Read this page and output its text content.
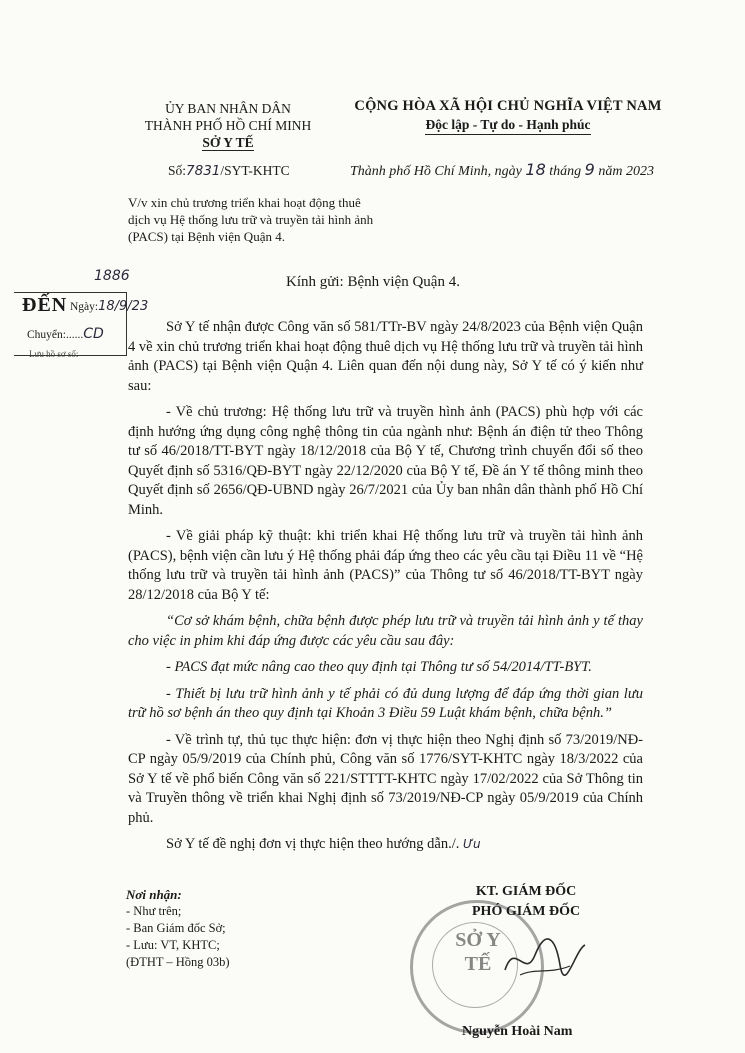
ỦY BAN NHÂN DÂN
THÀNH PHỐ HỒ CHÍ MINH
SỞ Y TẾ
CỘNG HÒA XÃ HỘI CHỦ NGHĨA VIỆT NAM
Độc lập - Tự do - Hạnh phúc
Số:7831/SYT-KHTC	Thành phố Hồ Chí Minh, ngày 18 tháng 9 năm 2023
V/v xin chủ trương triển khai hoạt động thuê dịch vụ Hệ thống lưu trữ và truyền tải hình ảnh (PACS) tại Bệnh viện Quận 4.
1886
ĐẾN Ngày:18/9/23
Chuyển:......CD
Lưu hồ sơ số:
Kính gửi: Bệnh viện Quận 4.

Sở Y tế nhận được Công văn số 581/TTr-BV ngày 24/8/2023 của Bệnh viện Quận 4 về xin chủ trương triển khai hoạt động thuê dịch vụ Hệ thống lưu trữ và truyền tải hình ảnh (PACS) tại Bệnh viện Quận 4. Liên quan đến nội dung này, Sở Y tế có ý kiến như sau:

- Về chủ trương: Hệ thống lưu trữ và truyền hình ảnh (PACS) phù hợp với các định hướng ứng dụng công nghệ thông tin của ngành như: Bệnh án điện tử theo Thông tư số 46/2018/TT-BYT ngày 18/12/2018 của Bộ Y tế, Chương trình chuyển đổi số theo Quyết định số 5316/QĐ-BYT ngày 22/12/2020 của Bộ Y tế, Đề án Y tế thông minh theo Quyết định số 2656/QĐ-UBND ngày 26/7/2021 của Ủy ban nhân dân thành phố Hồ Chí Minh.

- Về giải pháp kỹ thuật: khi triển khai Hệ thống lưu trữ và truyền tải hình ảnh (PACS), bệnh viện cần lưu ý Hệ thống phải đáp ứng theo các yêu cầu tại Điều 11 về “Hệ thống lưu trữ và truyền tải hình ảnh (PACS)” của Thông tư số 46/2018/TT-BYT ngày 28/12/2018 của Bộ Y tế:

“Cơ sở khám bệnh, chữa bệnh được phép lưu trữ và truyền tải hình ảnh y tế thay cho việc in phim khi đáp ứng được các yêu cầu sau đây:

- PACS đạt mức nâng cao theo quy định tại Thông tư số 54/2014/TT-BYT.

- Thiết bị lưu trữ hình ảnh y tế phải có đủ dung lượng để đáp ứng thời gian lưu trữ hồ sơ bệnh án theo quy định tại Khoản 3 Điều 59 Luật khám bệnh, chữa bệnh.”

- Về trình tự, thủ tục thực hiện: đơn vị thực hiện theo Nghị định số 73/2019/NĐ-CP ngày 05/9/2019 của Chính phủ, Công văn số 1776/SYT-KHTC ngày 18/3/2022 của Sở Y tế về phổ biến Công văn số 221/STTTT-KHTC ngày 17/02/2022 của Sở Thông tin và Truyền thông về triển khai Nghị định số 73/2019/NĐ-CP ngày 05/9/2019 của Chính phủ.

Sở Y tế đề nghị đơn vị thực hiện theo hướng dẫn./. Ưu

Nơi nhận:
- Như trên;
- Ban Giám đốc Sở;
- Lưu: VT, KHTC;
(ĐTHT – Hồng 03b)
SỞ Y TẾ
KT. GIÁM ĐỐC
PHÓ GIÁM ĐỐC
Nguyễn Hoài Nam
